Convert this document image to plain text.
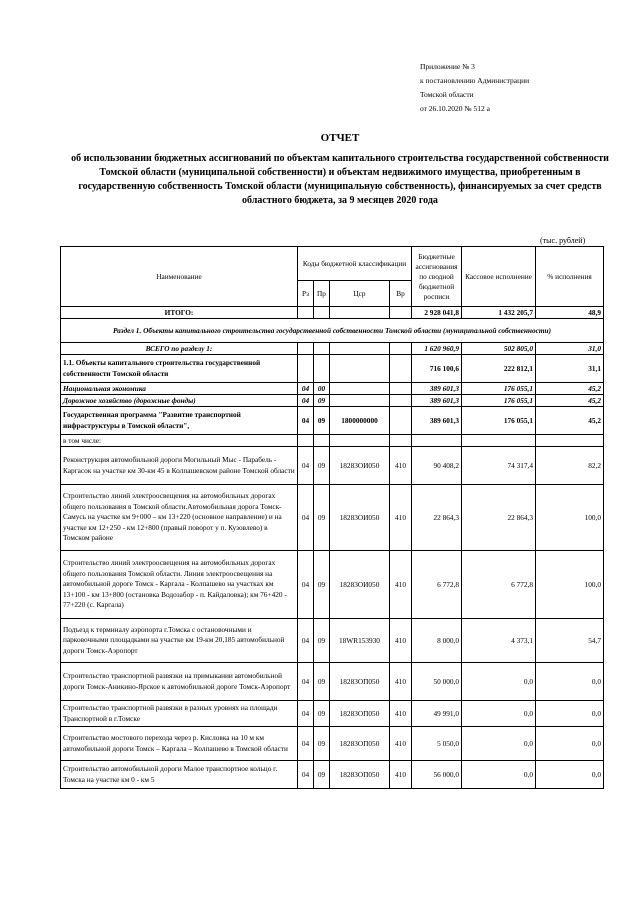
Приложение № 3
к постановлению Администрации
Томской области
от 26.10.2020 № 512 а
ОТЧЕТ
об использовании бюджетных ассигнований по объектам капитального строительства государственной собственности Томской области (муниципальной собственности) и объектам недвижимого имущества, приобретенным в государственную собственность Томской области (муниципальную собственность), финансируемых за счет средств областного бюджета, за 9 месяцев 2020 года
(тыс. рублей)
Наименование	Коды бюджетной классификации				Бюджетные ассигнования по сводной бюджетной росписи	Кассовое исполнение	% исполнения
	Рз	Пр	Цср	Вр			
ИТОГО:					2 928 041,8	1 432 205,7	48,9
Раздел 1. Объекты капитального строительства государственной собственности Томской области (муниципальной собственности)							
ВСЕГО по разделу 1:					1 620 960,9	502 805,0	31,0
1.1. Объекты капитального строительства государственной собственности Томской области					716 100,6	222 812,1	31,1
Национальная экономика	04	00			389 601,3	176 055,1	45,2
Дорожное хозяйство (дорожные фонды)	04	09			389 601,3	176 055,1	45,2
Государственная программа "Развитие транспортной инфраструктуры в Томской области",	04	09	1800000000		389 601,3	176 055,1	45,2
в том числе:							
Реконструкция автомобильной дороги Могильный Мыс - Парабель - Каргасок на участке км 30-км 45 в Колпашевском районе Томской области	04	09	18283ОИ050	410	90 408,2	74 317,4	82,2
Строительство линий электроосвещения на автомобильных дорогах общего пользования в Томской области.Автомобильная дорога Томск-Самусь на участке км 9+000 – км 13+220 (основное направление) и на участке км 12+250 - км 12+800 (правый поворот у п. Кузовлево) в Томском районе	04	09	18283ОИ050	410	22 864,3	22 864,3	100,0
Строительство линий электроосвещения на автомобильных дорогах общего пользования Томской области. Линия электроосвещения на автомобильной дороге Томск - Каргала - Колпашево на участках км 13+100 - км 13+800 (остановка Водозабор - п. Кайдаловка); км 76+420 - 77+220 (с. Каргала)	04	09	18283ОИ050	410	6 772,8	6 772,8	100,0
Подъезд к терминалу аэропорта г.Томска с остановочными и парковочными площадками на участке км 19-км 20,185 автомобильной дороги Томск-Аэропорт	04	09	18WR153930	410	8 000,0	4 373,1	54,7
Строительство транспортной развязки на примыкании автомобильной дороги Томск-Аникино-Ярское к автомобильной дороге Томск-Аэропорт	04	09	18283ОП050	410	50 000,0	0,0	0,0
Строительство транспортной развязки в разных уровнях на площади Транспортной в г.Томске	04	09	18283ОП050	410	49 991,0	0,0	0,0
Строительство мостового перехода через р. Кисловка на 10 м км автомобильной дороги Томск – Каргала – Колпашево в Томской области	04	09	18283ОП050	410	5 050,0	0,0	0,0
Строительство автомобильной дороги Малое транспортное кольцо г. Томска на участке км 0 - км 5	04	09	18283ОП050	410	56 000,0	0,0	0,0
